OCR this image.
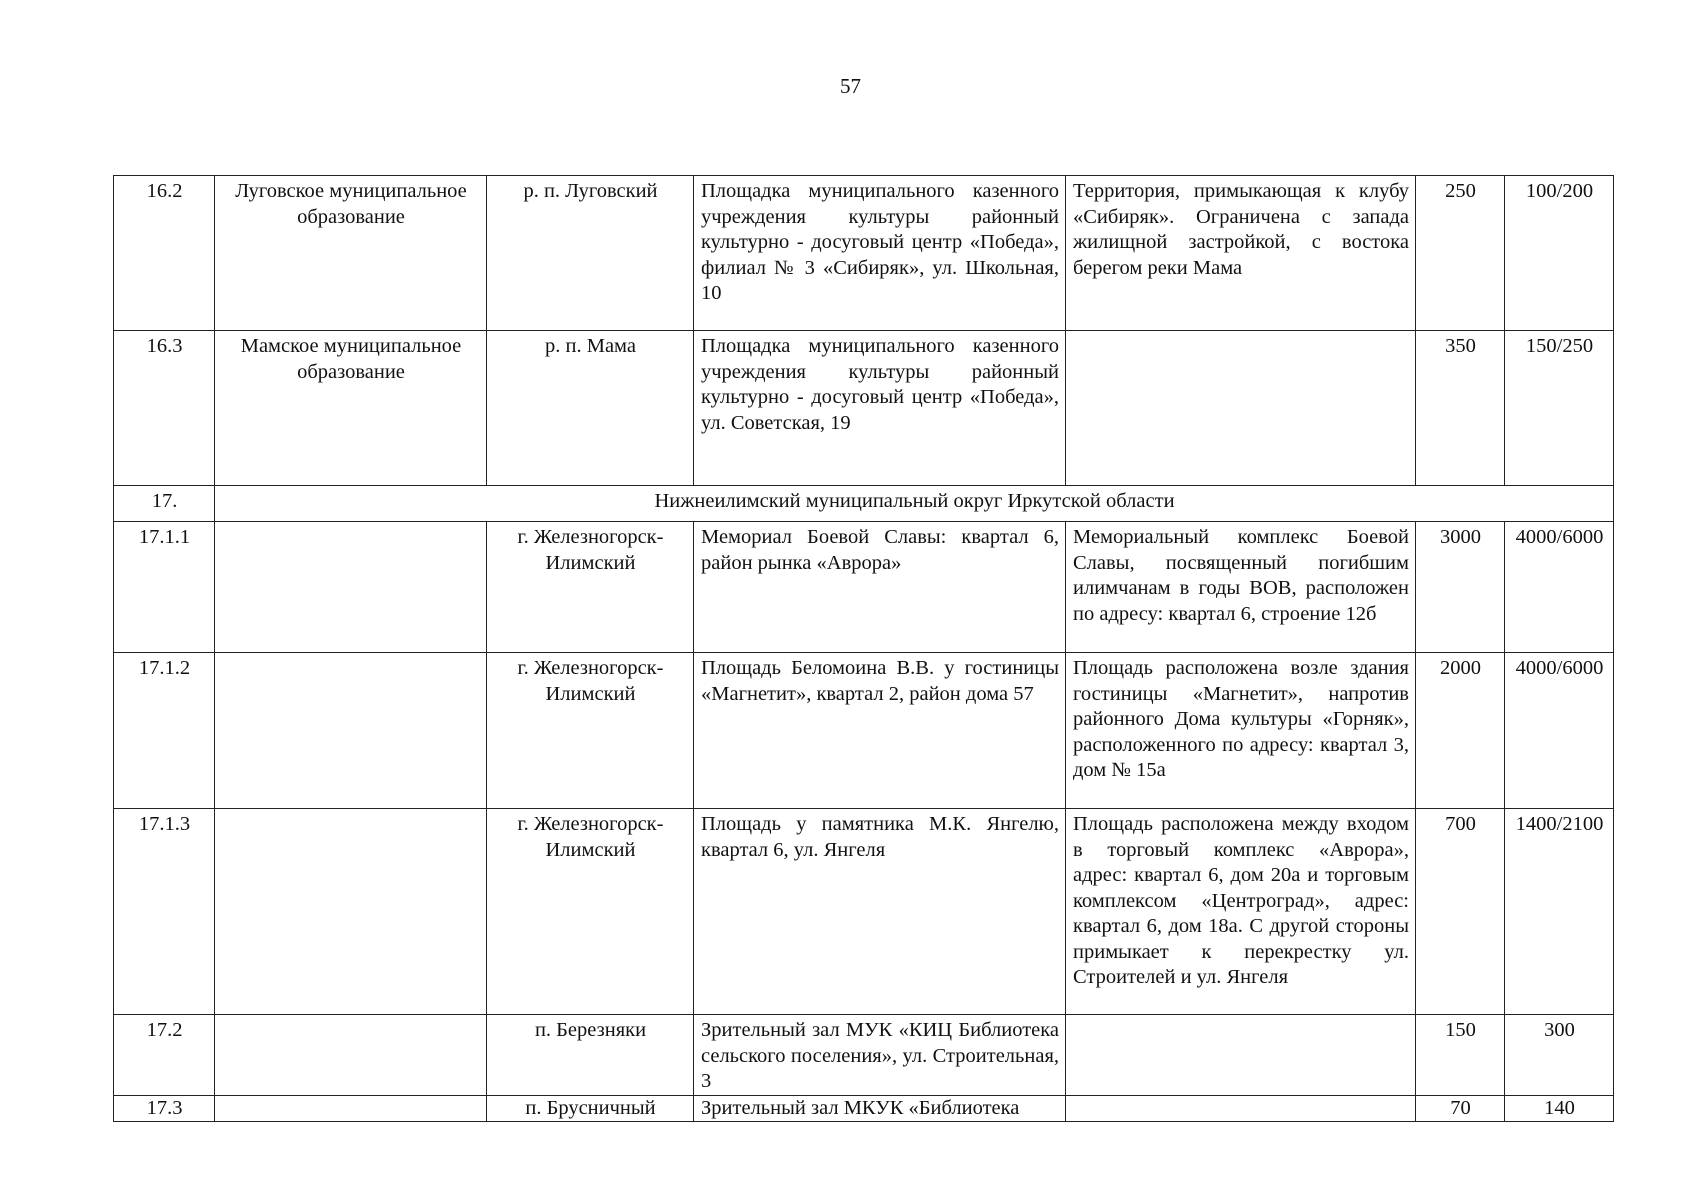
57
16.2	Луговское муниципальное образование	р. п. Луговский	Площадка муниципального казенного учреждения культуры районный культурно - досуговый центр «Победа», филиал № 3 «Сибиряк», ул. Школьная, 10	Территория, примыкающая к клубу «Сибиряк». Ограничена с запада жилищной застройкой, с востока берегом реки Мама	250	100/200
16.3	Мамское муниципальное образование	р. п. Мама	Площадка муниципального казенного учреждения культуры районный культурно - досуговый центр «Победа», ул. Советская, 19		350	150/250
17.	Нижнеилимский муниципальный округ Иркутской области					
17.1.1		г. Железногорск-Илимский	Мемориал Боевой Славы: квартал 6, район рынка «Аврора»	Мемориальный комплекс Боевой Славы, посвященный погибшим илимчанам в годы ВОВ, расположен по адресу: квартал 6, строение 12б	3000	4000/6000
17.1.2		г. Железногорск-Илимский	Площадь Беломоина В.В. у гостиницы «Магнетит», квартал 2, район дома 57	Площадь расположена возле здания гостиницы «Магнетит», напротив районного Дома культуры «Горняк», расположенного по адресу: квартал 3, дом № 15а	2000	4000/6000
17.1.3		г. Железногорск-Илимский	Площадь у памятника М.К. Янгелю, квартал 6, ул. Янгеля	Площадь расположена между входом в торговый комплекс «Аврора», адрес: квартал 6, дом 20а и торговым комплексом «Центроград», адрес: квартал 6, дом 18а. С другой стороны примыкает к перекрестку ул. Строителей и ул. Янгеля	700	1400/2100
17.2		п. Березняки	Зрительный зал МУК «КИЦ Библиотека сельского поселения», ул. Строительная, 3		150	300
17.3		п. Брусничный	Зрительный зал МКУК «Библиотека		70	140
